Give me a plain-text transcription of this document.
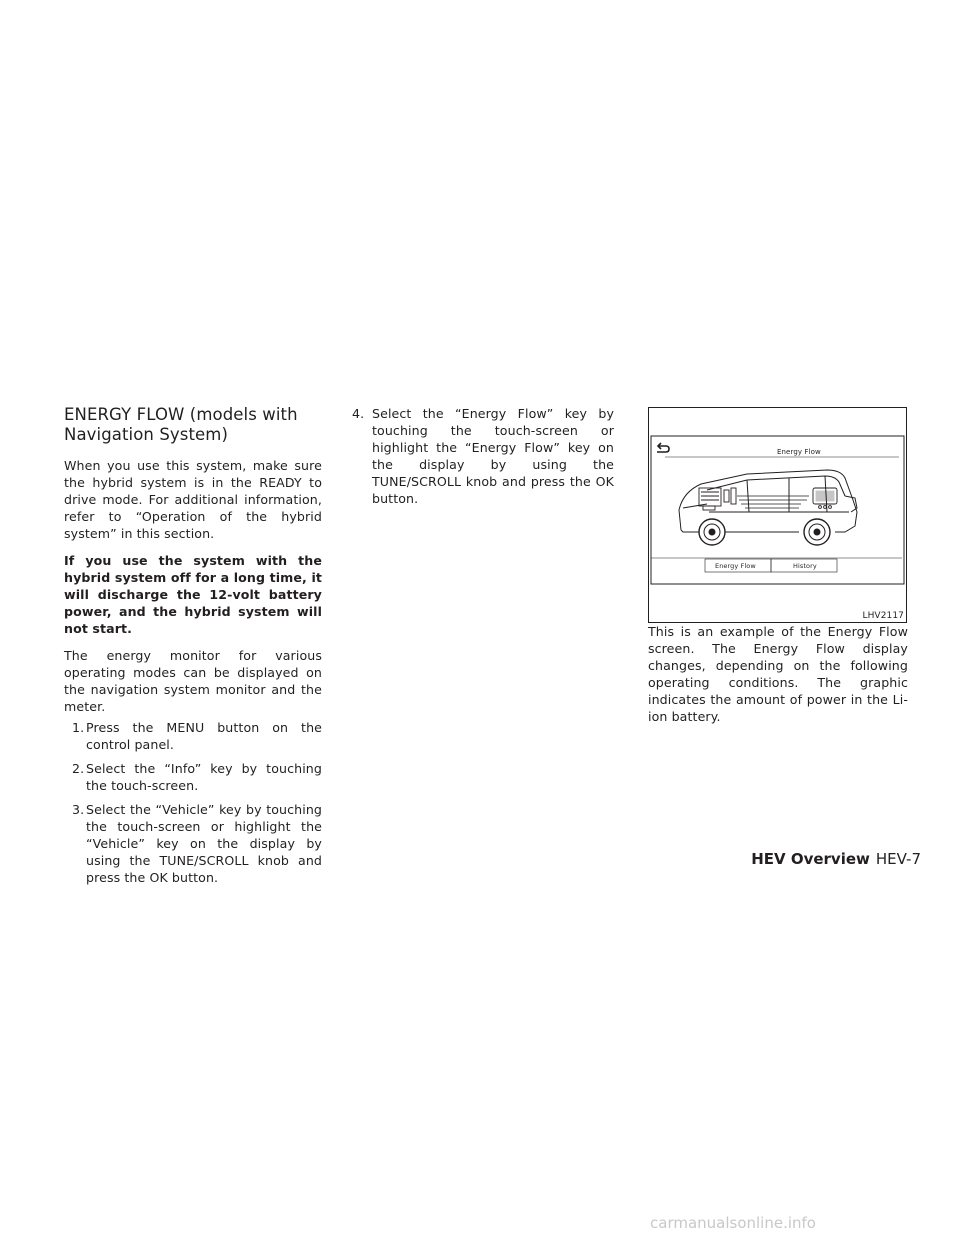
ENERGY FLOW (models with
Navigation System)

When you use this system, make sure the hybrid system is in the READY to drive mode. For additional information, refer to “Operation of the hybrid system” in this section.

If you use the system with the hybrid system off for a long time, it will discharge the 12-volt battery power, and the hybrid system will not start.

The energy monitor for various operating modes can be displayed on the navigation system monitor and the meter.

1. Press the MENU button on the control panel.
2. Select the “Info” key by touching the touch-screen.
3. Select the “Vehicle” key by touching the touch-screen or highlight the “Vehicle” key on the display by using the TUNE/SCROLL knob and press the OK button.
4. Select the “Energy Flow” key by touching the touch-screen or highlight the “Energy Flow” key on the display by using the TUNE/SCROLL knob and press the OK button.
Energy Flow
Energy Flow	History
LHV2117

This is an example of the Energy Flow screen. The Energy Flow display changes, depending on the following operating conditions. The graphic indicates the amount of power in the Li-ion battery.

HEV Overview HEV-7
carmanualsonline.info
